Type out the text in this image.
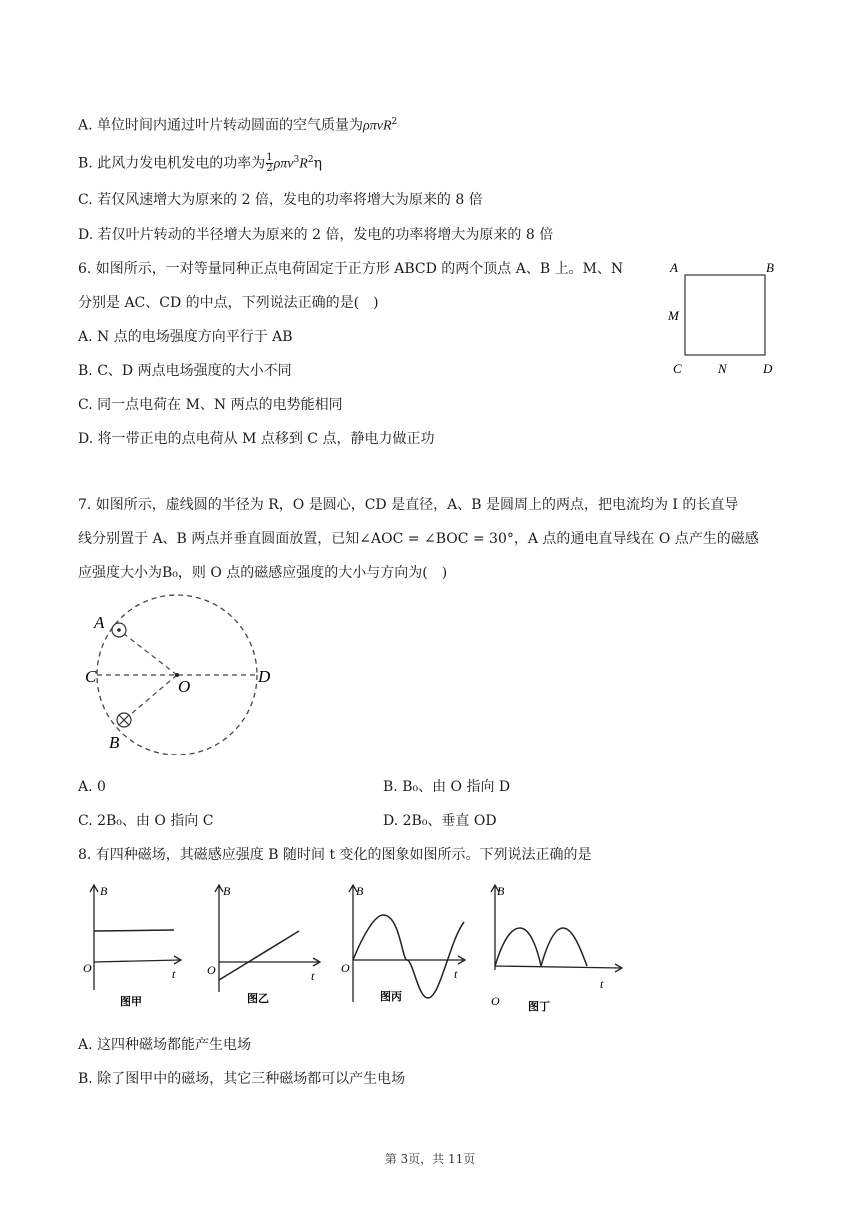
A. 单位时间内通过叶片转动圆面的空气质量为ρπvR$^2$
B. 此风力发电机发电的功率为 $\frac{1}{2} \rho\pi v^3R^2\eta$
C. 若仅风速增大为原来的 2 倍，发电的功率将增大为原来的 8 倍
D. 若仅叶片转动的半径增大为原来的 2 倍，发电的功率将增大为原来的 8 倍
6. 如图所示，一对等量同种正点电荷固定于正方形 ABCD 的两个顶点 A、B 上。M、N
分别是 AC、CD 的中点，下列说法正确的是(　)
A. N 点的电场强度方向平行于 AB
B. C、D 两点电场强度的大小不同
C. 同一点电荷在 M、N 两点的电势能相同
D. 将一带正电的点电荷从 M 点移到 C 点，静电力做正功
A	B
M
C	N	D
7. 如图所示，虚线圆的半径为 R，O 是圆心，CD 是直径，A、B 是圆周上的两点，把电流均为 I 的长直导
线分别置于 A、B 两点并垂直圆面放置，已知∠AOC = ∠BOC = 30°，A 点的通电直导线在 O 点产生的磁感
应强度大小为B₀，则 O 点的磁感应强度的大小与方向为(　)
A
C
O
D
B
A. 0	B. B₀、由 O 指向 D
C. 2B₀、由 O 指向 C	D. 2B₀、垂直 OD
8. 有四种磁场，其磁感应强度 B 随时间 t 变化的图象如图所示。下列说法正确的是
B
O	t
图甲
B
O	t
图乙
B
O	t
图丙
B
O
t
图丁
A. 这四种磁场都能产生电场
B. 除了图甲中的磁场，其它三种磁场都可以产生电场
第 3页，共 11页
